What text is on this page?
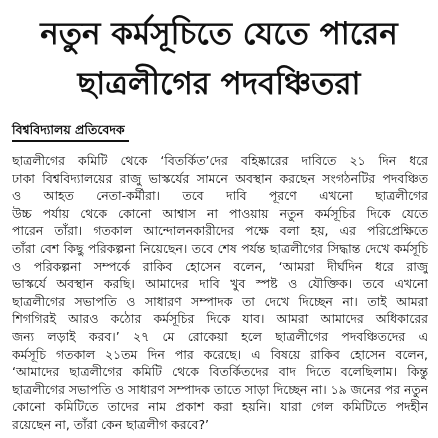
নতুন কর্মসূচিতে যেতে পারেন
ছাত্রলীগের পদবঞ্চিতরা
বিশ্ববিদ্যালয় প্রতিবেদক
ছাত্রলীগের কমিটি থেকে ‘বিতর্কিত’দের বহিষ্কারের দাবিতে ২১ দিন ধরে
ঢাকা বিশ্ববিদ্যালয়ের রাজু ভাস্কর্যের সামনে অবস্থান করছেন সংগঠনটির পদবঞ্চিত
ও আহত নেতা-কর্মীরা। তবে দাবি পূরণে এখনো ছাত্রলীগের
উচ্চ পর্যায় থেকে কোনো আশ্বাস না পাওয়ায় নতুন কর্মসূচির দিকে যেতে
পারেন তাঁরা। গতকাল আন্দোলনকারীদের পক্ষে বলা হয়, এর পরিপ্রেক্ষিতে
তাঁরা বেশ কিছু পরিকল্পনা নিয়েছেন। তবে শেষ পর্যন্ত ছাত্রলীগের সিদ্ধান্ত দেখে কর্মসূচি
ও পরিকল্পনা সম্পর্কে রাকিব হোসেন বলেন, ‘আমরা দীর্ঘদিন ধরে রাজু
ভাস্কর্যে অবস্থান করছি। আমাদের দাবি খুব স্পষ্ট ও যৌক্তিক। তবে এখনো
ছাত্রলীগের সভাপতি ও সাধারণ সম্পাদক তা দেখে দিচ্ছেন না। তাই আমরা
শিগগিরই আরও কঠোর কর্মসূচির দিকে যাব। আমরা আমাদের অধিকারের
জন্য লড়াই করব।’ ২৭ মে রোকেয়া হলে ছাত্রলীগের পদবঞ্চিতদের এ
কর্মসূচি গতকাল ২১তম দিন পার করেছে। এ বিষয়ে রাকিব হোসেন বলেন,
‘আমাদের ছাত্রলীগের কমিটি থেকে বিতর্কিতদের বাদ দিতে বলেছিলাম। কিন্তু
ছাত্রলীগের সভাপতি ও সাধারণ সম্পাদক তাতে সাড়া দিচ্ছেন না। ১৯ জনের পর নতুন
কোনো কমিটিতে তাদের নাম প্রকাশ করা হয়নি। যারা গেল কমিটিতে পদহীন
রয়েছেন না, তাঁরা কেন ছাত্রলীগ করবে?’
